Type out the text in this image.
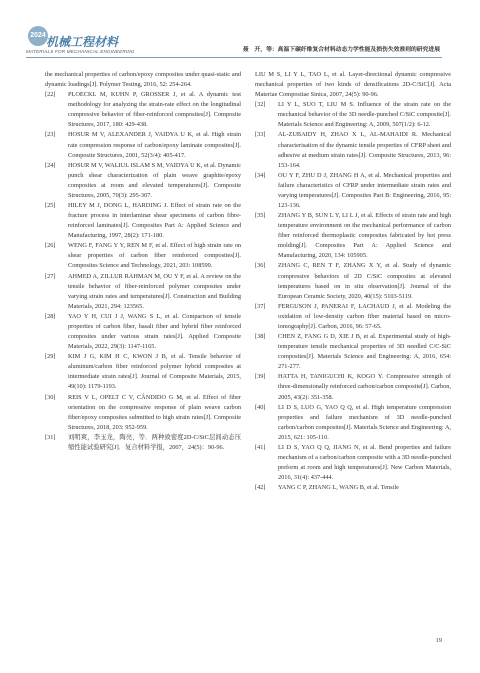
2024 机械工程材料
MATERIALS FOR MECHANICAL ENGINEERING	聂　开，等：高温下碳纤维复合材料动态力学性能及损伤失效准则的研究进展

the mechanical properties of carbon/epoxy composites under quasi-static and dynamic loadings[J]. Polymer Testing, 2016, 52: 254-264.

[22] PLOECKL M, KUHN P, GROSSER J, et al. A dynamic test methodology for analyzing the strain-rate effect on the longitudinal compressive behavior of fiber-reinforced composites[J]. Composite Structures, 2017, 180: 429-438.

[23] HOSUR M V, ALEXANDER J, VAIDYA U K, et al. High strain rate compression response of carbon/epoxy laminate composites[J]. Composite Structures, 2001, 52(3/4): 405-417.

[24] HOSUR M V, WALIUL ISLAM S M, VAIDYA U K, et al. Dynamic punch shear characterization of plain weave graphite/epoxy composites at room and elevated temperatures[J]. Composite Structures, 2005, 70(3): 295-307.

[25] HILEY M J, DONG L, HARDING J. Effect of strain rate on the fracture process in interlaminar shear specimens of carbon fibre-reinforced laminates[J]. Composites Part A: Applied Science and Manufacturing, 1997, 28(2): 171-180.

[26] WENG F, FANG Y Y, REN M F, et al. Effect of high strain rate on shear properties of carbon fiber reinforced composites[J]. Composites Science and Technology, 2021, 203: 108599.

[27] AHMED A, ZILLUR RAHMAN M, OU Y F, et al. A review on the tensile behavior of fiber-reinforced polymer composites under varying strain rates and temperatures[J]. Construction and Building Materials, 2021, 294: 123565.

[28] YAO Y H, CUI J J, WANG S L, et al. Comparison of tensile properties of carbon fiber, basalt fiber and hybrid fiber reinforced composites under various strain rates[J]. Applied Composite Materials, 2022, 29(3): 1147-1165.

[29] KIM J G, KIM H C, KWON J B, et al. Tensile behavior of aluminum/carbon fiber reinforced polymer hybrid composites at intermediate strain rates[J]. Journal of Composite Materials, 2015, 49(10): 1179-1193.

[30] REIS V L, OPELT C V, CÂNDIDO G M, et al. Effect of fiber orientation on the compressive response of plain weave carbon fiber/epoxy composites submitted to high strain rates[J]. Composite Structures, 2018, 203: 952-959.

[31] 刘明爽，李玉龙，陶亮，等．两种致密度2D-C/SiC层间动态压缩性能试验研究[J]．复合材料学报，2007，24(5)：90-96.

LIU M S, LI Y L, TAO L, et al. Layer-directional dynamic compressive mechanical properties of two kinds of densifications 2D-C/SiC[J]. Acta Materiae Compositae Sinica, 2007, 24(5): 90-96.

[32] LI Y L, SUO T, LIU M S. Influence of the strain rate on the mechanical behavior of the 3D needle-punched C/SiC composite[J]. Materials Science and Engineering: A, 2009, 507(1/2): 6-12.

[33] AL-ZUBAIDY H, ZHAO X L, AL-MAHAIDI R. Mechanical characterisation of the dynamic tensile properties of CFRP sheet and adhesive at medium strain rates[J]. Composite Structures, 2013, 96: 153-164.

[34] OU Y F, ZHU D J, ZHANG H A, et al. Mechanical properties and failure characteristics of CFRP under intermediate strain rates and varying temperatures[J]. Composites Part B: Engineering, 2016, 95: 123-136.

[35] ZHANG Y B, SUN L Y, LI L J, et al. Effects of strain rate and high temperature environment on the mechanical performance of carbon fiber reinforced thermoplastic composites fabricated by hot press molding[J]. Composites Part A: Applied Science and Manufacturing, 2020, 134: 105905.

[36] ZHANG C, REN T F, ZHANG X Y, et al. Study of dynamic compressive behaviors of 2D C/SiC composites at elevated temperatures based on in situ observation[J]. Journal of the European Ceramic Society, 2020, 40(15): 5103-5119.

[37] FERGUSON J, PANERAI F, LACHAUD J, et al. Modeling the oxidation of low-density carbon fiber material based on micro-tomography[J]. Carbon, 2016, 96: 57-65.

[38] CHEN Z, FANG G D, XIE J B, et al. Experimental study of high-temperature tensile mechanical properties of 3D needled C/C-SiC composites[J]. Materials Science and Engineering: A, 2016, 654: 271-277.

[39] HATTA H, TANIGUCHI K, KOGO Y. Compressive strength of three-dimensionally reinforced carbon/carbon composite[J]. Carbon, 2005, 43(2): 351-358.

[40] LI D S, LUO G, YAO Q Q, et al. High temperature compression properties and failure mechanism of 3D needle-punched carbon/carbon composites[J]. Materials Science and Engineering: A, 2015, 621: 105-110.

[41] LI D S, YAO Q Q, JIANG N, et al. Bend properties and failure mechanism of a carbon/carbon composite with a 3D needle-punched preform at room and high temperatures[J]. New Carbon Materials, 2016, 31(4): 437-444.

[42] YANG C P, ZHANG L, WANG B, et al. Tensile

19
